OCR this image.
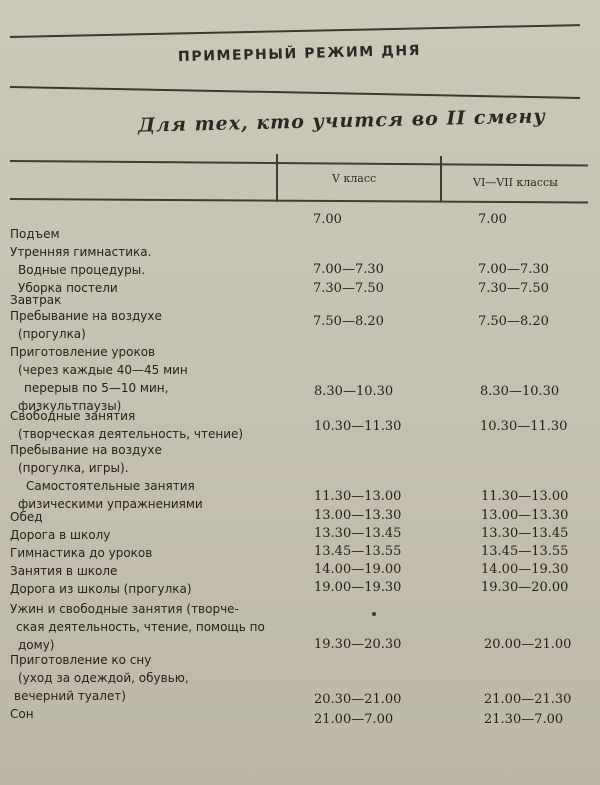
ПРИМЕРНЫЙ РЕЖИМ ДНЯ
Для тех, кто учится во II смену
V класс	VI—VII классы
Подъем
7.00	7.00
Утренняя гимнастика.
Водные процедуры.
Уборка постели
7.00—7.30	7.00—7.30
Завтрак
7.30—7.50	7.30—7.50
Пребывание на воздухе
(прогулка)
7.50—8.20	7.50—8.20
Приготовление уроков
(через каждые 40—45 мин
перерыв по 5—10 мин,
физкультпаузы)
8.30—10.30	8.30—10.30
Свободные занятия
(творческая деятельность, чтение)	10.30—11.30	10.30—11.30
Пребывание на воздухе
(прогулка, игры).
Самостоятельные занятия
физическими упражнениями	11.30—13.00	11.30—13.00
Обед	13.00—13.30	13.00—13.30
Дорога в школу	13.30—13.45	13.30—13.45
Гимнастика до уроков	13.45—13.55	13.45—13.55
Занятия в школе	14.00—19.00	14.00—19.30
Дорога из школы (прогулка)	19.00—19.30	19.30—20.00
Ужин и свободные занятия (творче-
ская деятельность, чтение, помощь по
дому)	19.30—20.30	20.00—21.00
Приготовление ко сну
(уход за одеждой, обувью,
вечерний туалет)	20.30—21.00	21.00—21.30
Сон	21.00—7.00	21.30—7.00
